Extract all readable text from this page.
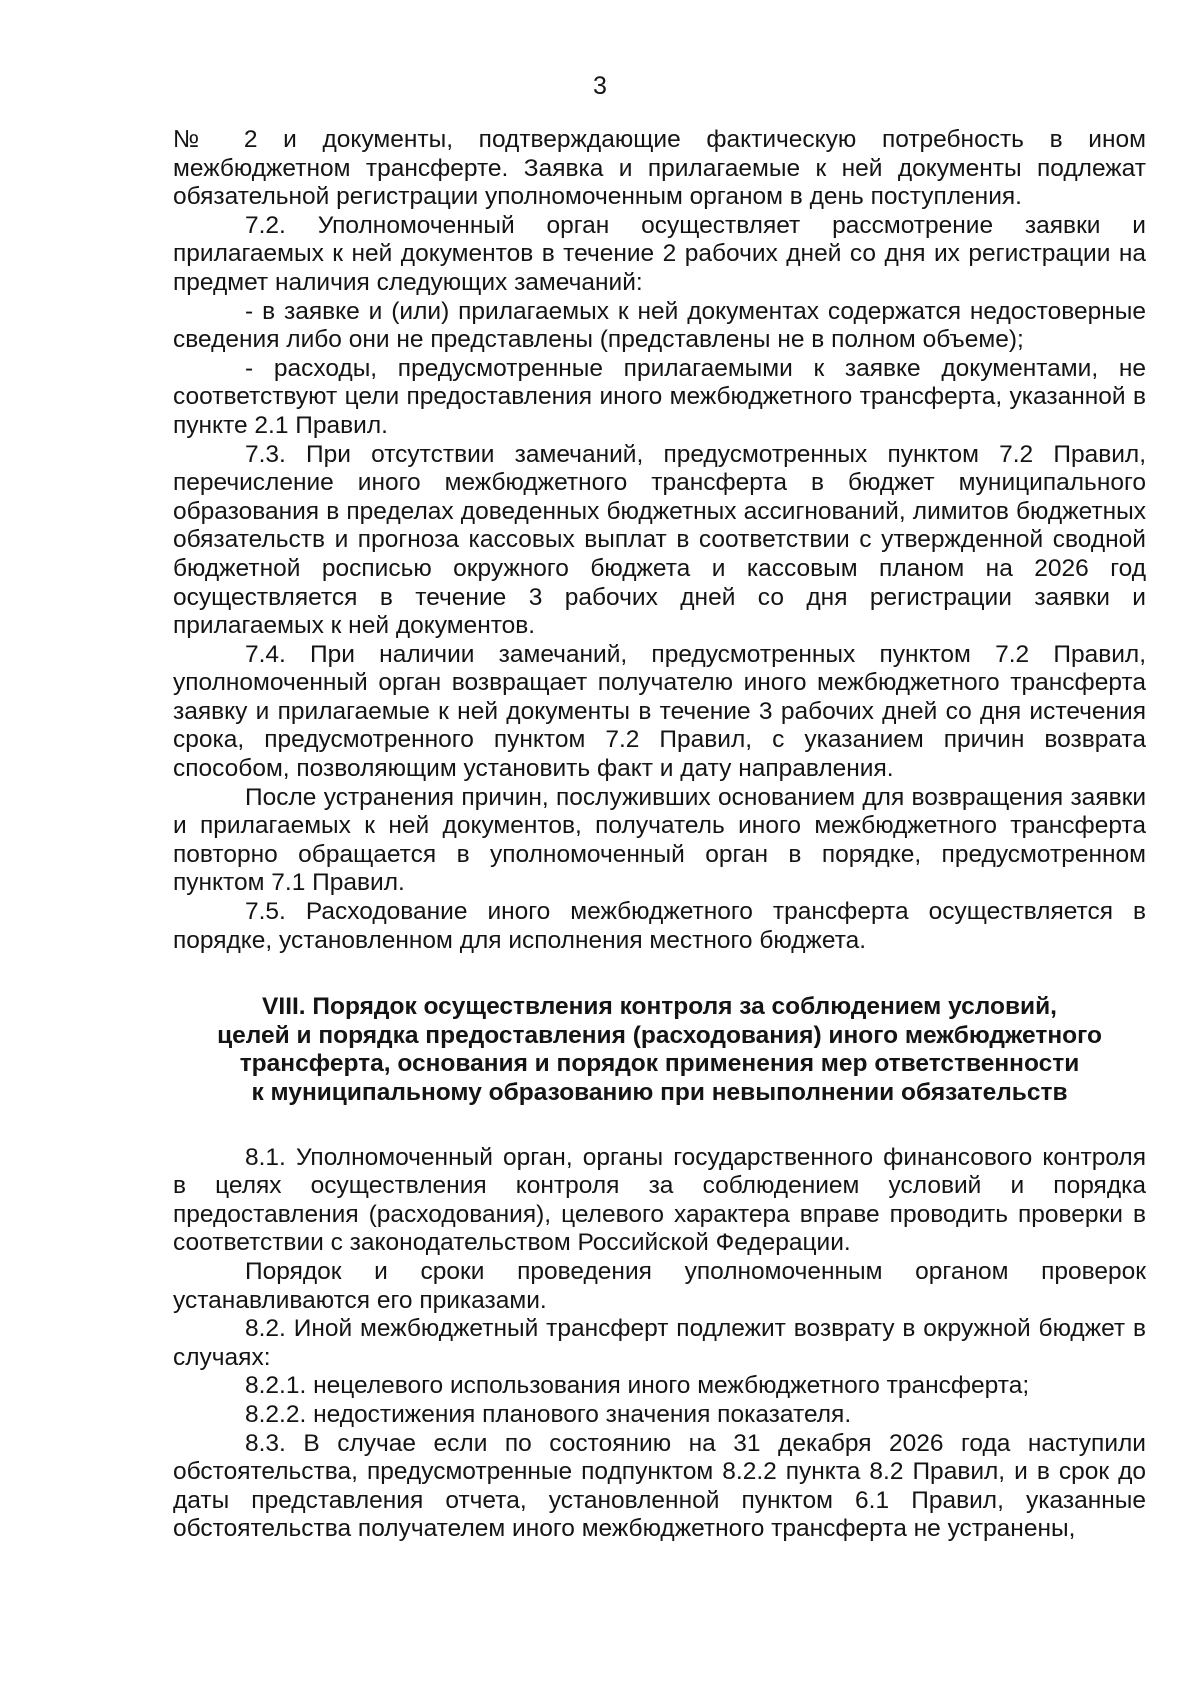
3

№ 2 и документы, подтверждающие фактическую потребность в ином межбюджетном трансферте. Заявка и прилагаемые к ней документы подлежат обязательной регистрации уполномоченным органом в день поступления.

7.2. Уполномоченный орган осуществляет рассмотрение заявки и прилагаемых к ней документов в течение 2 рабочих дней со дня их регистрации на предмет наличия следующих замечаний:

- в заявке и (или) прилагаемых к ней документах содержатся недостоверные сведения либо они не представлены (представлены не в полном объеме);

- расходы, предусмотренные прилагаемыми к заявке документами, не соответствуют цели предоставления иного межбюджетного трансферта, указанной в пункте 2.1 Правил.

7.3. При отсутствии замечаний, предусмотренных пунктом 7.2 Правил, перечисление иного межбюджетного трансферта в бюджет муниципального образования в пределах доведенных бюджетных ассигнований, лимитов бюджетных обязательств и прогноза кассовых выплат в соответствии с утвержденной сводной бюджетной росписью окружного бюджета и кассовым планом на 2026 год осуществляется в течение 3 рабочих дней со дня регистрации заявки и прилагаемых к ней документов.

7.4. При наличии замечаний, предусмотренных пунктом 7.2 Правил, уполномоченный орган возвращает получателю иного межбюджетного трансферта заявку и прилагаемые к ней документы в течение 3 рабочих дней со дня истечения срока, предусмотренного пунктом 7.2 Правил, с указанием причин возврата способом, позволяющим установить факт и дату направления.

После устранения причин, послуживших основанием для возвращения заявки и прилагаемых к ней документов, получатель иного межбюджетного трансферта повторно обращается в уполномоченный орган в порядке, предусмотренном пунктом 7.1 Правил.

7.5. Расходование иного межбюджетного трансферта осуществляется в порядке, установленном для исполнения местного бюджета.

VIII. Порядок осуществления контроля за соблюдением условий,
целей и порядка предоставления (расходования) иного межбюджетного
трансферта, основания и порядок применения мер ответственности
к муниципальному образованию при невыполнении обязательств

8.1. Уполномоченный орган, органы государственного финансового контроля в целях осуществления контроля за соблюдением условий и порядка предоставления (расходования), целевого характера вправе проводить проверки в соответствии с законодательством Российской Федерации.

Порядок и сроки проведения уполномоченным органом проверок устанавливаются его приказами.

8.2. Иной межбюджетный трансферт подлежит возврату в окружной бюджет в случаях:

8.2.1. нецелевого использования иного межбюджетного трансферта;

8.2.2. недостижения планового значения показателя.

8.3. В случае если по состоянию на 31 декабря 2026 года наступили обстоятельства, предусмотренные подпунктом 8.2.2 пункта 8.2 Правил, и в срок до даты представления отчета, установленной пунктом 6.1 Правил, указанные обстоятельства получателем иного межбюджетного трансферта не устранены,
